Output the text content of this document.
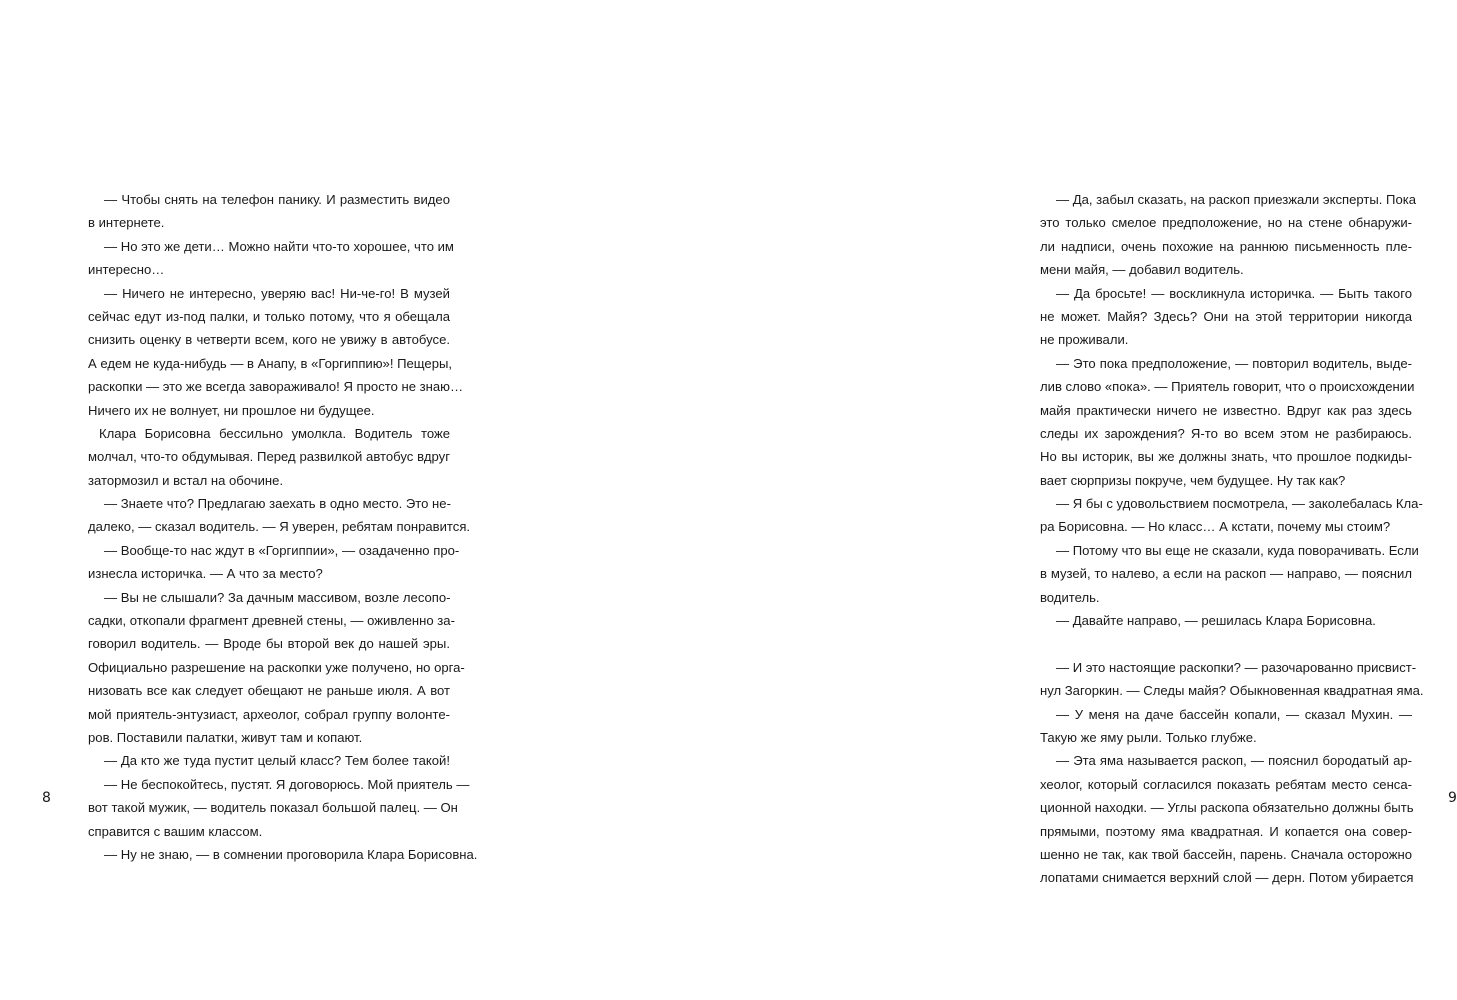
— Чтобы снять на телефон панику. И разместить видео
в интернете.
— Но это же дети… Можно найти что-то хорошее, что им
интересно…
— Ничего не интересно, уверяю вас! Ни-че-го! В музей
сейчас едут из-под палки, и только потому, что я обещала
снизить оценку в четверти всем, кого не увижу в автобусе.
А едем не куда-нибудь — в Анапу, в «Горгиппию»! Пещеры,
раскопки — это же всегда завораживало! Я просто не знаю…
Ничего их не волнует, ни прошлое ни будущее.
Клара Борисовна бессильно умолкла. Водитель тоже
молчал, что-то обдумывая. Перед развилкой автобус вдруг
затормозил и встал на обочине.
— Знаете что? Предлагаю заехать в одно место. Это не-
далеко, — сказал водитель. — Я уверен, ребятам понравится.
— Вообще-то нас ждут в «Горгиппии», — озадаченно про-
изнесла историчка. — А что за место?
— Вы не слышали? За дачным массивом, возле лесопо-
садки, откопали фрагмент древней стены, — оживленно за-
говорил водитель. — Вроде бы второй век до нашей эры.
Официально разрешение на раскопки уже получено, но орга-
низовать все как следует обещают не раньше июля. А вот
мой приятель-энтузиаст, археолог, собрал группу волонте-
ров. Поставили палатки, живут там и копают.
— Да кто же туда пустит целый класс? Тем более такой!
— Не беспокойтесь, пустят. Я договорюсь. Мой приятель —
вот такой мужик, — водитель показал большой палец. — Он
справится с вашим классом.
— Ну не знаю, — в сомнении проговорила Клара Борисовна.
8
— Да, забыл сказать, на раскоп приезжали эксперты. Пока
это только смелое предположение, но на стене обнаружи-
ли надписи, очень похожие на раннюю письменность пле-
мени майя, — добавил водитель.
— Да бросьте! — воскликнула историчка. — Быть такого
не может. Майя? Здесь? Они на этой территории никогда
не проживали.
— Это пока предположение, — повторил водитель, выде-
лив слово «пока». — Приятель говорит, что о происхождении
майя практически ничего не известно. Вдруг как раз здесь
следы их зарождения? Я-то во всем этом не разбираюсь.
Но вы историк, вы же должны знать, что прошлое подкиды-
вает сюрпризы покруче, чем будущее. Ну так как?
— Я бы с удовольствием посмотрела, — заколебалась Кла-
ра Борисовна. — Но класс… А кстати, почему мы стоим?
— Потому что вы еще не сказали, куда поворачивать. Если
в музей, то налево, а если на раскоп — направо, — пояснил
водитель.
— Давайте направо, — решилась Клара Борисовна.
— И это настоящие раскопки? — разочарованно присвист-
нул Загоркин. — Следы майя? Обыкновенная квадратная яма.
— У меня на даче бассейн копали, — сказал Мухин. —
Такую же яму рыли. Только глубже.
— Эта яма называется раскоп, — пояснил бородатый ар-
хеолог, который согласился показать ребятам место сенса-
ционной находки. — Углы раскопа обязательно должны быть
прямыми, поэтому яма квадратная. И копается она совер-
шенно не так, как твой бассейн, парень. Сначала осторожно
лопатами снимается верхний слой — дерн. Потом убирается
9
